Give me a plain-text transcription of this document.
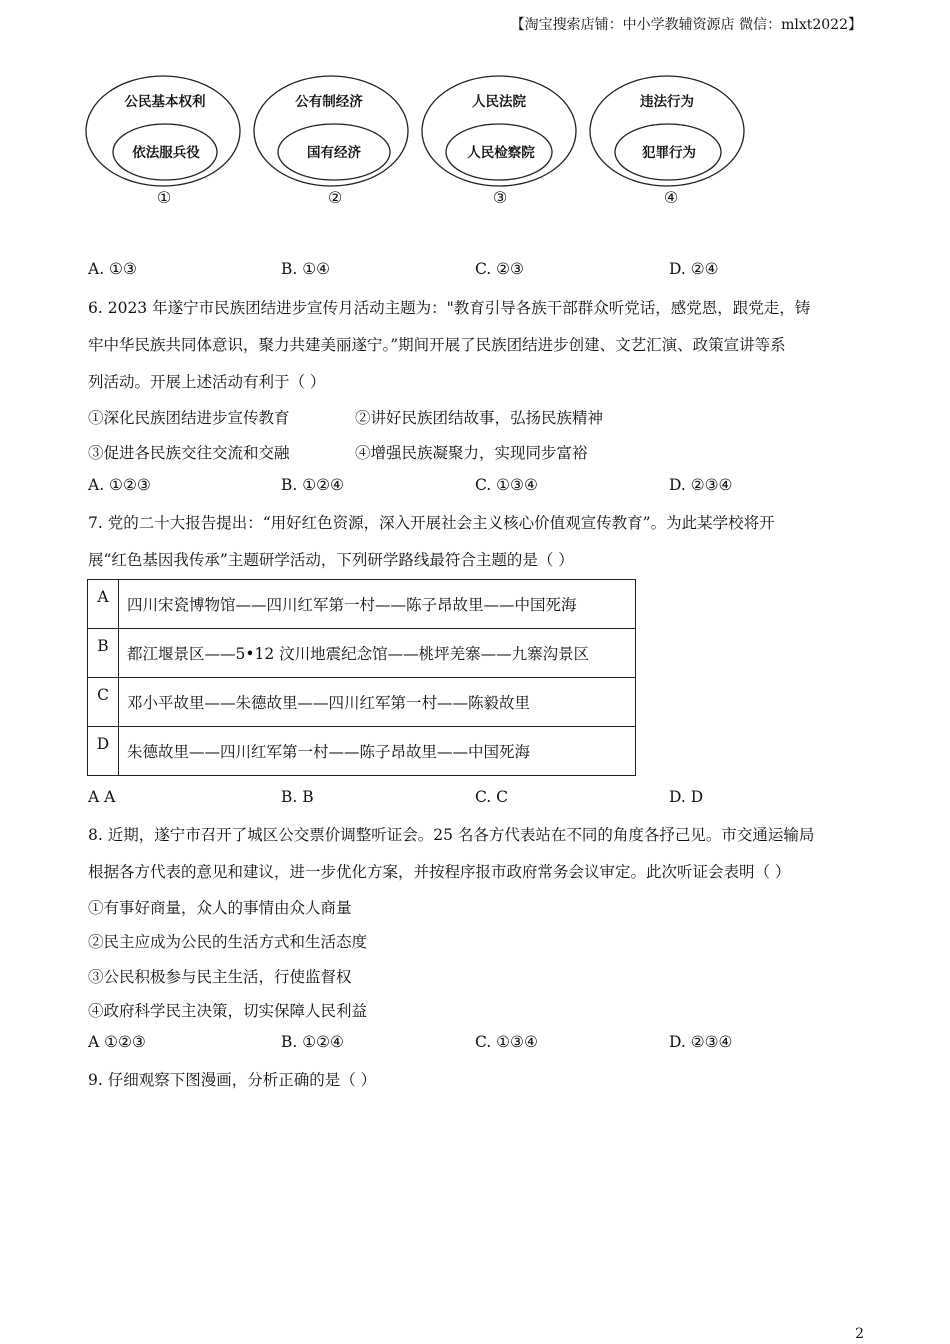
【淘宝搜索店铺：中小学教辅资源店 微信：mlxt2022】
公民基本权利
依法服兵役
①
公有制经济
国有经济
②
人民法院
人民检察院
③
违法行为
犯罪行为
④
A. ①③	B. ①④	C. ②③	D. ②④
6. 2023 年遂宁市民族团结进步宣传月活动主题为："教育引导各族干部群众听党话，感党恩，跟党走，铸
牢中华民族共同体意识，聚力共建美丽遂宁。”期间开展了民族团结进步创建、文艺汇演、政策宣讲等系
列活动。开展上述活动有利于（ ）
①深化民族团结进步宣传教育	②讲好民族团结故事，弘扬民族精神
③促进各民族交往交流和交融	④增强民族凝聚力，实现同步富裕
A. ①②③	B. ①②④	C. ①③④	D. ②③④
7. 党的二十大报告提出：“用好红色资源，深入开展社会主义核心价值观宣传教育”。为此某学校将开
展“红色基因我传承”主题研学活动，下列研学路线最符合主题的是（ ）
A	四川宋瓷博物馆——四川红军第一村——陈子昂故里——中国死海
B	都江堰景区——5•12 汶川地震纪念馆——桃坪羌寨——九寨沟景区
C	邓小平故里——朱德故里——四川红军第一村——陈毅故里
D	朱德故里——四川红军第一村——陈子昂故里——中国死海
A A	B. B	C. C	D. D
8. 近期，遂宁市召开了城区公交票价调整听证会。25 名各方代表站在不同的角度各抒己见。市交通运输局
根据各方代表的意见和建议，进一步优化方案，并按程序报市政府常务会议审定。此次听证会表明（ ）
①有事好商量，众人的事情由众人商量
②民主应成为公民的生活方式和生活态度
③公民积极参与民主生活，行使监督权
④政府科学民主决策，切实保障人民利益
A ①②③	B. ①②④	C. ①③④	D. ②③④
9. 仔细观察下图漫画，分析正确的是（ ）
2
